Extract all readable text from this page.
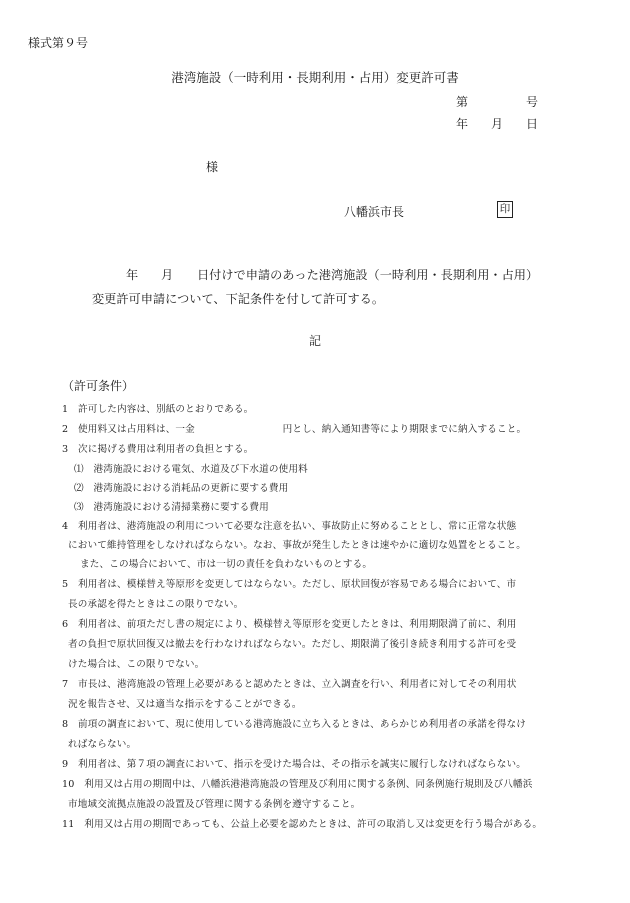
様式第９号
港湾施設（一時利用・長期利用・占用）変更許可書
第	号
年 月 日
様
八幡浜市長	印
年 月 日付けで申請のあった港湾施設（一時利用・長期利用・占用）
変更許可申請について、下記条件を付して許可する。
記
（許可条件）
1　許可した内容は、別紙のとおりである。
2　使用料又は占用料は、一金　　　　　　　　　円とし、納入通知書等により期限までに納入すること。
3　次に掲げる費用は利用者の負担とする。
⑴　港湾施設における電気、水道及び下水道の使用料
⑵　港湾施設における消耗品の更新に要する費用
⑶　港湾施設における清掃業務に要する費用
4　利用者は、港湾施設の利用について必要な注意を払い、事故防止に努めることとし、常に正常な状態
において維持管理をしなければならない。なお、事故が発生したときは速やかに適切な処置をとること。
また、この場合において、市は一切の責任を負わないものとする。
5　利用者は、模様替え等原形を変更してはならない。ただし、原状回復が容易である場合において、市
長の承認を得たときはこの限りでない。
6　利用者は、前項ただし書の規定により、模様替え等原形を変更したときは、利用期限満了前に、利用
者の負担で原状回復又は撤去を行わなければならない。ただし、期限満了後引き続き利用する許可を受
けた場合は、この限りでない。
7　市長は、港湾施設の管理上必要があると認めたときは、立入調査を行い、利用者に対してその利用状
況を報告させ、又は適当な指示をすることができる。
8　前項の調査において、現に使用している港湾施設に立ち入るときは、あらかじめ利用者の承諾を得なけ
ればならない。
9　利用者は、第７項の調査において、指示を受けた場合は、その指示を誠実に履行しなければならない。
10　利用又は占用の期間中は、八幡浜港港湾施設の管理及び利用に関する条例、同条例施行規則及び八幡浜
市地域交流拠点施設の設置及び管理に関する条例を遵守すること。
11　利用又は占用の期間であっても、公益上必要を認めたときは、許可の取消し又は変更を行う場合がある。
